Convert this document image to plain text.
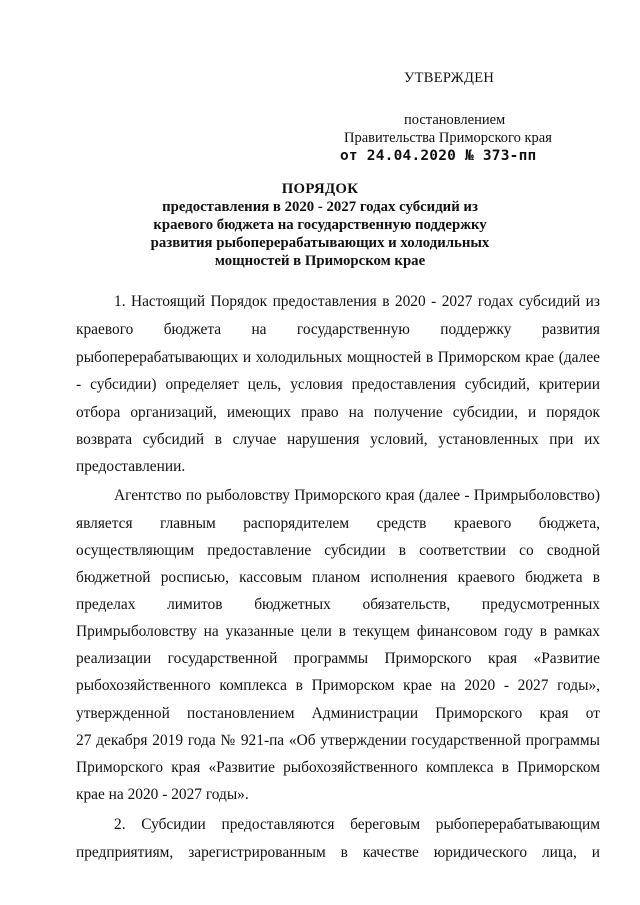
УТВЕРЖДЕН
постановлением
Правительства Приморского края
от 24.04.2020 № 373-пп
ПОРЯДОК
предоставления в 2020 - 2027 годах субсидий из
краевого бюджета на государственную поддержку
развития рыбоперерабатывающих и холодильных
мощностей в Приморском крае
1. Настоящий Порядок предоставления в 2020 - 2027 годах субсидий из
краевого бюджета на государственную поддержку развития
рыбоперерабатывающих и холодильных мощностей в Приморском крае (далее
- субсидии) определяет цель, условия предоставления субсидий, критерии
отбора организаций, имеющих право на получение субсидии, и порядок
возврата субсидий в случае нарушения условий, установленных при их
предоставлении.
Агентство по рыболовству Приморского края (далее - Примрыболовство)
является главным распорядителем средств краевого бюджета,
осуществляющим предоставление субсидии в соответствии со сводной
бюджетной росписью, кассовым планом исполнения краевого бюджета в
пределах лимитов бюджетных обязательств, предусмотренных
Примрыболовству на указанные цели в текущем финансовом году в рамках
реализации государственной программы Приморского края «Развитие
рыбохозяйственного комплекса в Приморском крае на 2020 - 2027 годы»,
утвержденной постановлением Администрации Приморского края от
27 декабря 2019 года № 921-па «Об утверждении государственной программы
Приморского края «Развитие рыбохозяйственного комплекса в Приморском
крае на 2020 - 2027 годы».
2. Субсидии предоставляются береговым рыбоперерабатывающим
предприятиям, зарегистрированным в качестве юридического лица, и
